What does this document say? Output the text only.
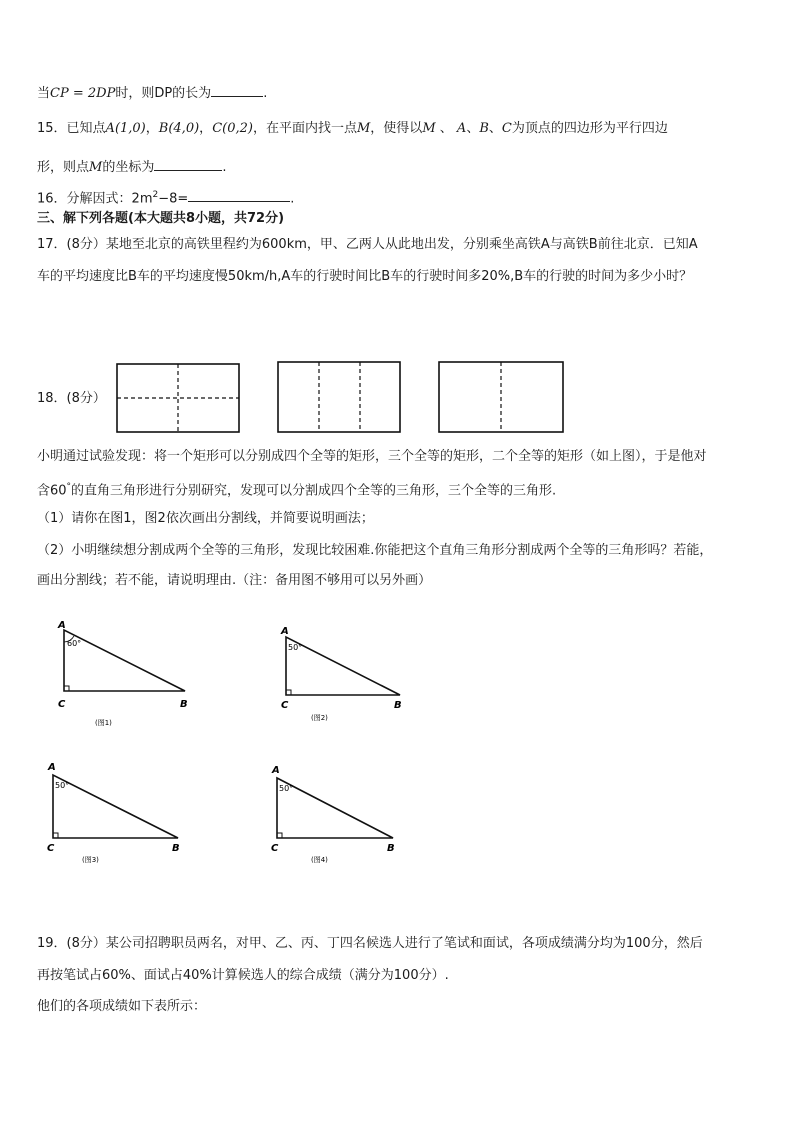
当CP = 2DP时，则DP的长为	.
15．已知点A(1,0)，B(4,0)，C(0,2)，在平面内找一点M，使得以M 、 A、B、C为顶点的四边形为平行四边
形，则点M的坐标为	.
16．分解因式：$2m^2-8=$	.
三、解下列各题(本大题共8小题，共72分)
17．(8分）某地至北京的高铁里程约为600km，甲、乙两人从此地出发，分别乘坐高铁A与高铁B前往北京．已知A
车的平均速度比B车的平均速度慢50km/h,A车的行驶时间比B车的行驶时间多20%,B车的行驶的时间为多少小时？
18．(8分）
小明通过试验发现：将一个矩形可以分别成四个全等的矩形，三个全等的矩形，二个全等的矩形（如上图），于是他对
含60°的直角三角形进行分别研究，发现可以分割成四个全等的三角形，三个全等的三角形.
（1）请你在图1，图2依次画出分割线，并简要说明画法；
（2）小明继续想分割成两个全等的三角形，发现比较困难.你能把这个直角三角形分割成两个全等的三角形吗？若能，
画出分割线；若不能，请说明理由.（注：备用图不够用可以另外画）
A
C	B
60°
(图1)
A
C	B
50°
(图2)
A
C	B
50°
(图3)
A
C	B
50°
(图4)
19．(8分）某公司招聘职员两名，对甲、乙、丙、丁四名候选人进行了笔试和面试，各项成绩满分均为100分，然后
再按笔试占60%、面试占40%计算候选人的综合成绩（满分为100分）.
他们的各项成绩如下表所示：
